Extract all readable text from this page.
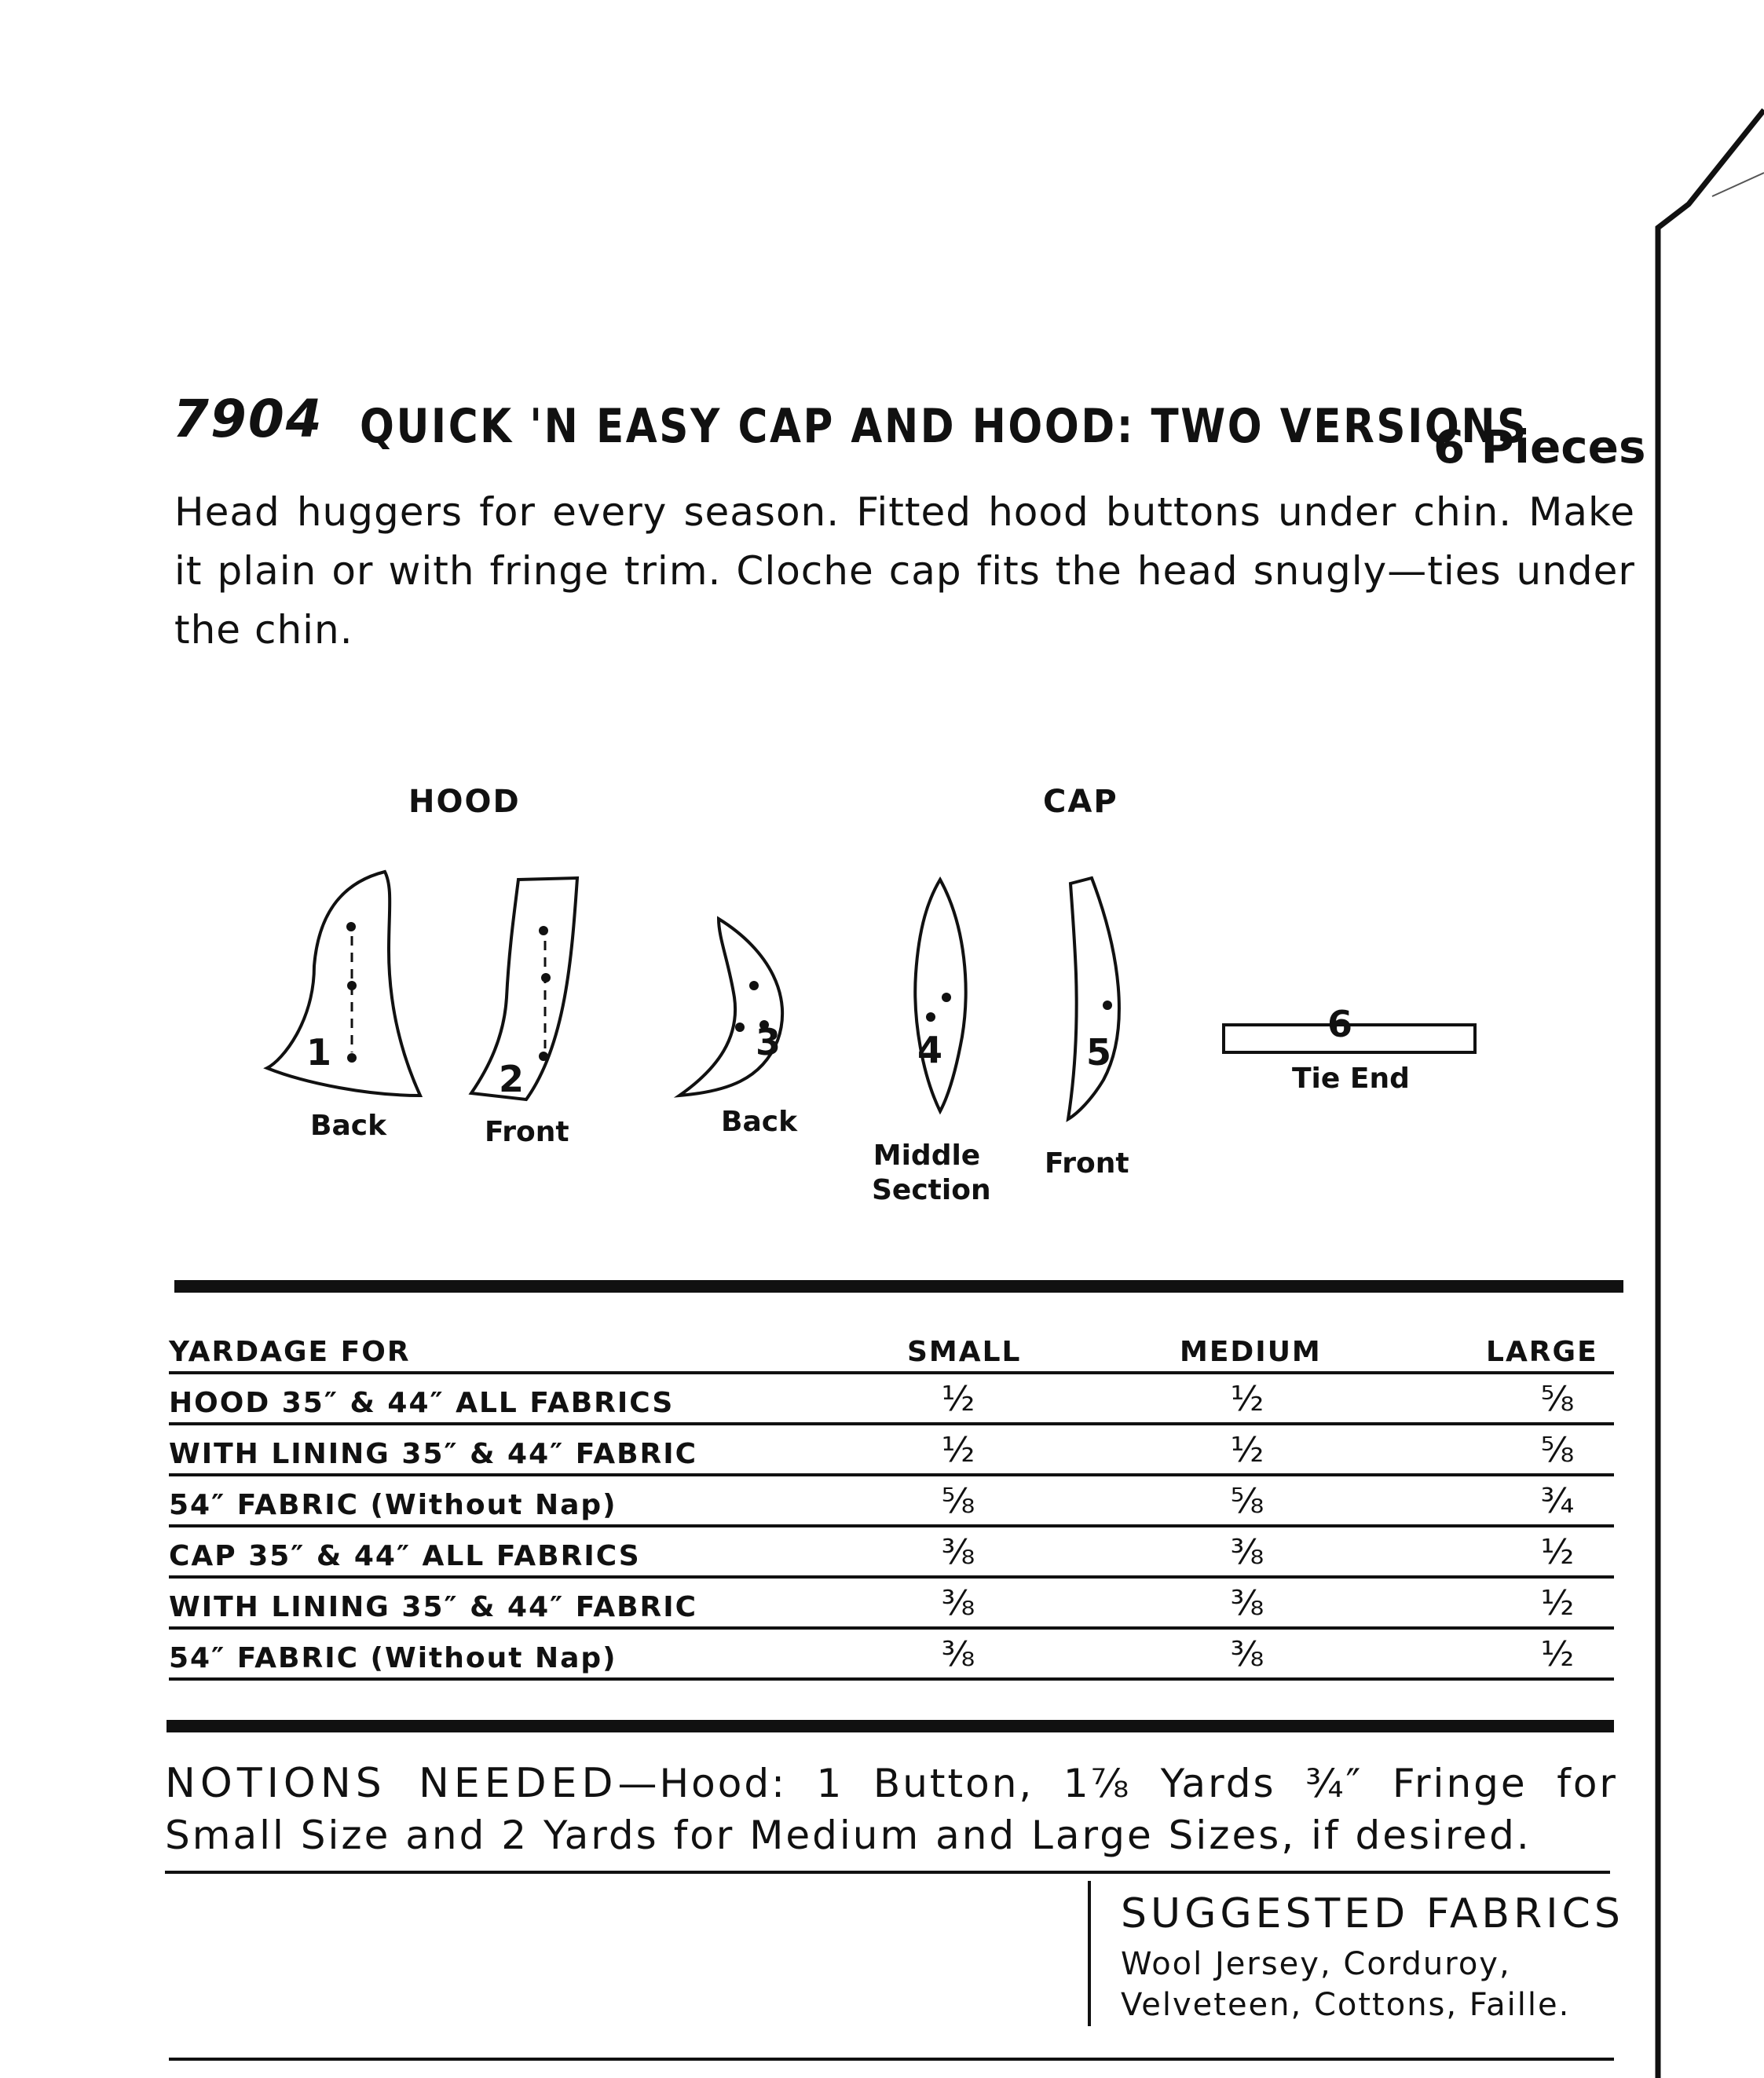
7904 QUICK 'N EASY CAP AND HOOD: TWO VERSIONS
6 Pieces
Head huggers for every season. Fitted hood buttons under chin. Make it plain or with fringe trim. Cloche cap fits the head snugly—ties under the chin.
HOOD	CAP
1
2
3	4	5
6
Back	Front	Back
Middle Section
Front
Tie End
YARDAGE FOR	SMALL	MEDIUM	LARGE
HOOD 35″ & 44″ ALL FABRICS	½	½	⅝
WITH LINING 35″ & 44″ FABRIC	½	½	⅝
54″ FABRIC (Without Nap)	⅝	⅝	¾
CAP 35″ & 44″ ALL FABRICS	⅜	⅜	½
WITH LINING 35″ & 44″ FABRIC	⅜	⅜	½
54″ FABRIC (Without Nap)	⅜	⅜	½
NOTIONS NEEDED—Hood: 1 Button, 1⅞ Yards ¾″ Fringe for Small Size and 2 Yards for Medium and Large Sizes, if desired.
SUGGESTED FABRICS
Wool Jersey, Corduroy, Velveteen, Cottons, Faille.
